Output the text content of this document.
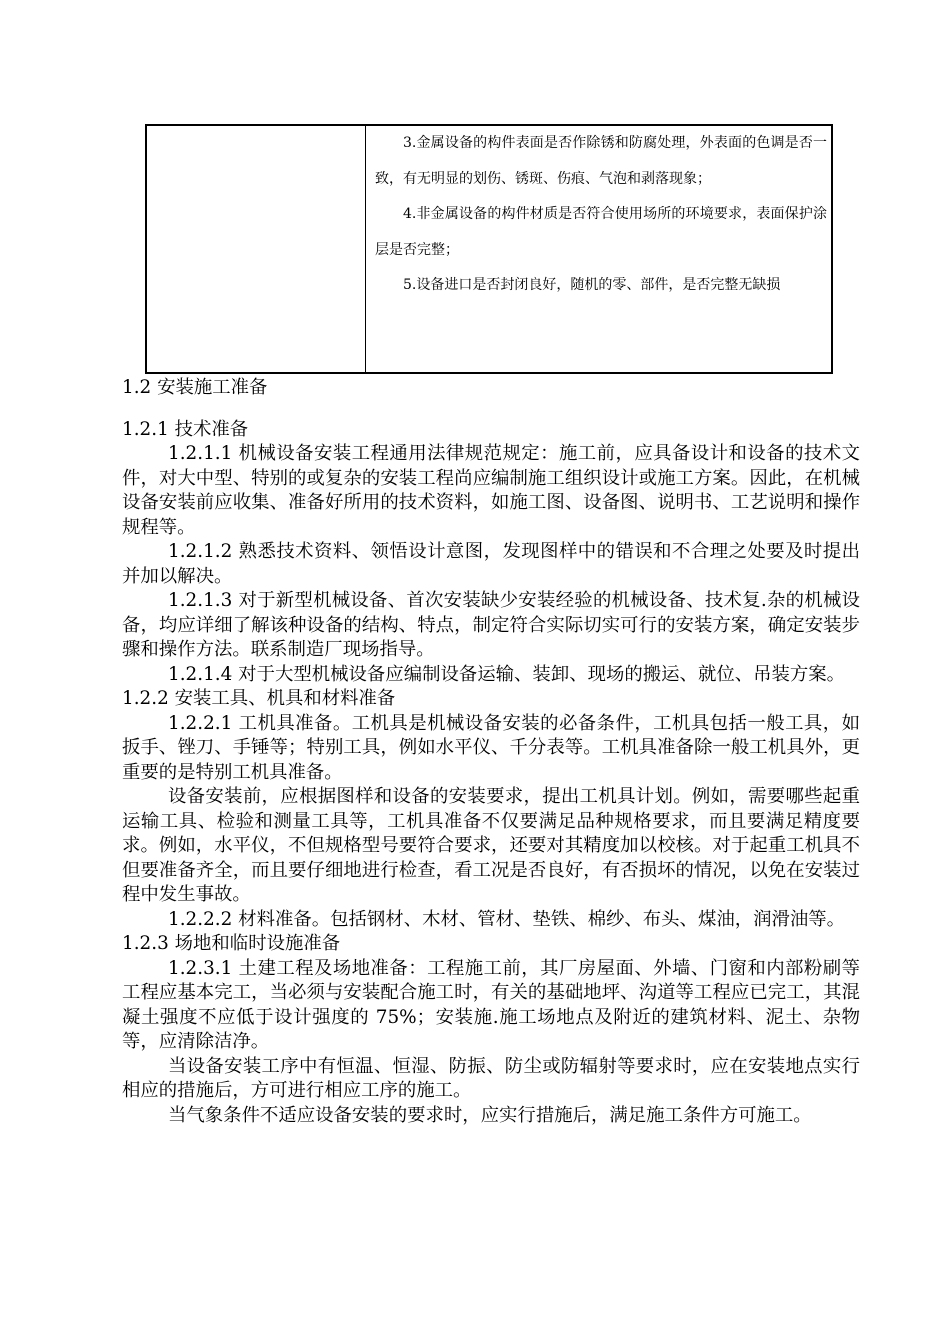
3.金属设备的构件表面是否作除锈和防腐处理，外表面的色调是否一致，有无明显的划伤、锈斑、伤痕、气泡和剥落现象；

4.非金属设备的构件材质是否符合使用场所的环境要求，表面保护涂层是否完整；

5.设备进口是否封闭良好，随机的零、部件，是否完整无缺损

1.2 安装施工准备

1.2.1 技术准备

1.2.1.1 机械设备安装工程通用法律规范规定：施工前，应具备设计和设备的技术文件，对大中型、特别的或复杂的安装工程尚应编制施工组织设计或施工方案。因此，在机械设备安装前应收集、准备好所用的技术资料，如施工图、设备图、说明书、工艺说明和操作规程等。

1.2.1.2 熟悉技术资料、领悟设计意图，发现图样中的错误和不合理之处要及时提出并加以解决。

1.2.1.3 对于新型机械设备、首次安装缺少安装经验的机械设备、技术复.杂的机械设备，均应详细了解该种设备的结构、特点，制定符合实际切实可行的安装方案，确定安装步骤和操作方法。联系制造厂现场指导。

1.2.1.4 对于大型机械设备应编制设备运输、装卸、现场的搬运、就位、吊装方案。

1.2.2 安装工具、机具和材料准备

1.2.2.1 工机具准备。工机具是机械设备安装的必备条件，工机具包括一般工具，如扳手、锉刀、手锤等；特别工具，例如水平仪、千分表等。工机具准备除一般工机具外，更重要的是特别工机具准备。

设备安装前，应根据图样和设备的安装要求，提出工机具计划。例如，需要哪些起重运输工具、检验和测量工具等，工机具准备不仅要满足品种规格要求，而且要满足精度要求。例如，水平仪，不但规格型号要符合要求，还要对其精度加以校核。对于起重工机具不但要准备齐全，而且要仔细地进行检查，看工况是否良好，有否损坏的情况，以免在安装过程中发生事故。

1.2.2.2 材料准备。包括钢材、木材、管材、垫铁、棉纱、布头、煤油，润滑油等。

1.2.3 场地和临时设施准备

1.2.3.1 土建工程及场地准备：工程施工前，其厂房屋面、外墙、门窗和内部粉刷等工程应基本完工，当必须与安装配合施工时，有关的基础地坪、沟道等工程应已完工，其混凝土强度不应低于设计强度的 75%；安装施.施工场地点及附近的建筑材料、泥土、杂物等，应清除洁净。

当设备安装工序中有恒温、恒湿、防振、防尘或防辐射等要求时，应在安装地点实行相应的措施后，方可进行相应工序的施工。

当气象条件不适应设备安装的要求时，应实行措施后，满足施工条件方可施工。
